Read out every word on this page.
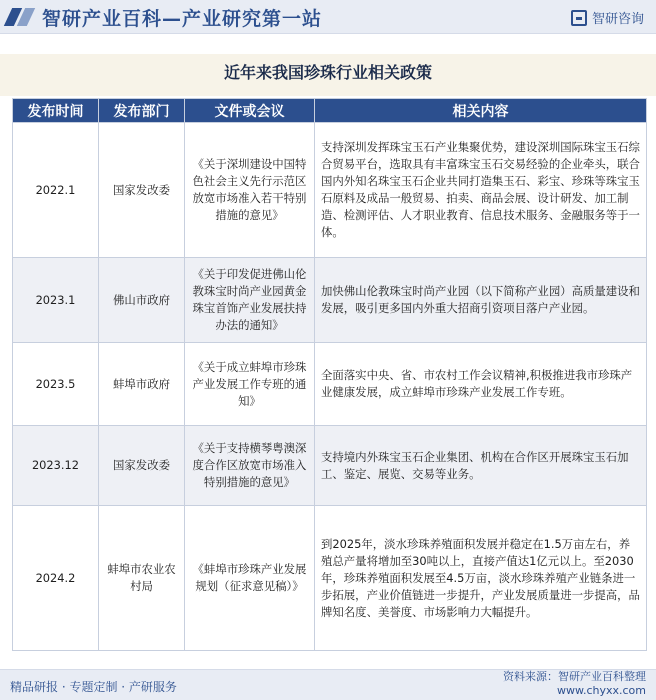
智研产业百科—产业研究第一站	智研咨询
近年来我国珍珠行业相关政策
发布时间	发布部门	文件或会议	相关内容
2022.1	国家发改委	《关于深圳建设中国特色社会主义先行示范区放宽市场准入若干特别措施的意见》	支持深圳发挥珠宝玉石产业集聚优势，建设深圳国际珠宝玉石综合贸易平台，选取具有丰富珠宝玉石交易经验的企业牵头，联合国内外知名珠宝玉石企业共同打造集玉石、彩宝、珍珠等珠宝玉石原料及成品一般贸易、拍卖、商品会展、设计研发、加工制造、检测评估、人才职业教育、信息技术服务、金融服务等于一体。
2023.1	佛山市政府	《关于印发促进佛山伦教珠宝时尚产业园黄金珠宝首饰产业发展扶持办法的通知》	加快佛山伦教珠宝时尚产业园（以下简称产业园）高质量建设和发展，吸引更多国内外重大招商引资项目落户产业园。
2023.5	蚌埠市政府	《关于成立蚌埠市珍珠产业发展工作专班的通知》	全面落实中央、省、市农村工作会议精神,积极推进我市珍珠产业健康发展，成立蚌埠市珍珠产业发展工作专班。
2023.12	国家发改委	《关于支持横琴粤澳深度合作区放宽市场准入特别措施的意见》	支持境内外珠宝玉石企业集团、机构在合作区开展珠宝玉石加工、鉴定、展览、交易等业务。
2024.2	蚌埠市农业农村局	《蚌埠市珍珠产业发展规划（征求意见稿）》	到2025年，淡水珍珠养殖面积发展并稳定在1.5万亩左右，养殖总产量将增加至30吨以上，直接产值达1亿元以上。至2030年，珍珠养殖面积发展至4.5万亩，淡水珍珠养殖产业链条进一步拓展，产业价值链进一步提升，产业发展质量进一步提高，品牌知名度、美誉度、市场影响力大幅提升。
精品研报 · 专题定制 · 产研服务
资料来源：智研产业百科整理
www.chyxx.com
